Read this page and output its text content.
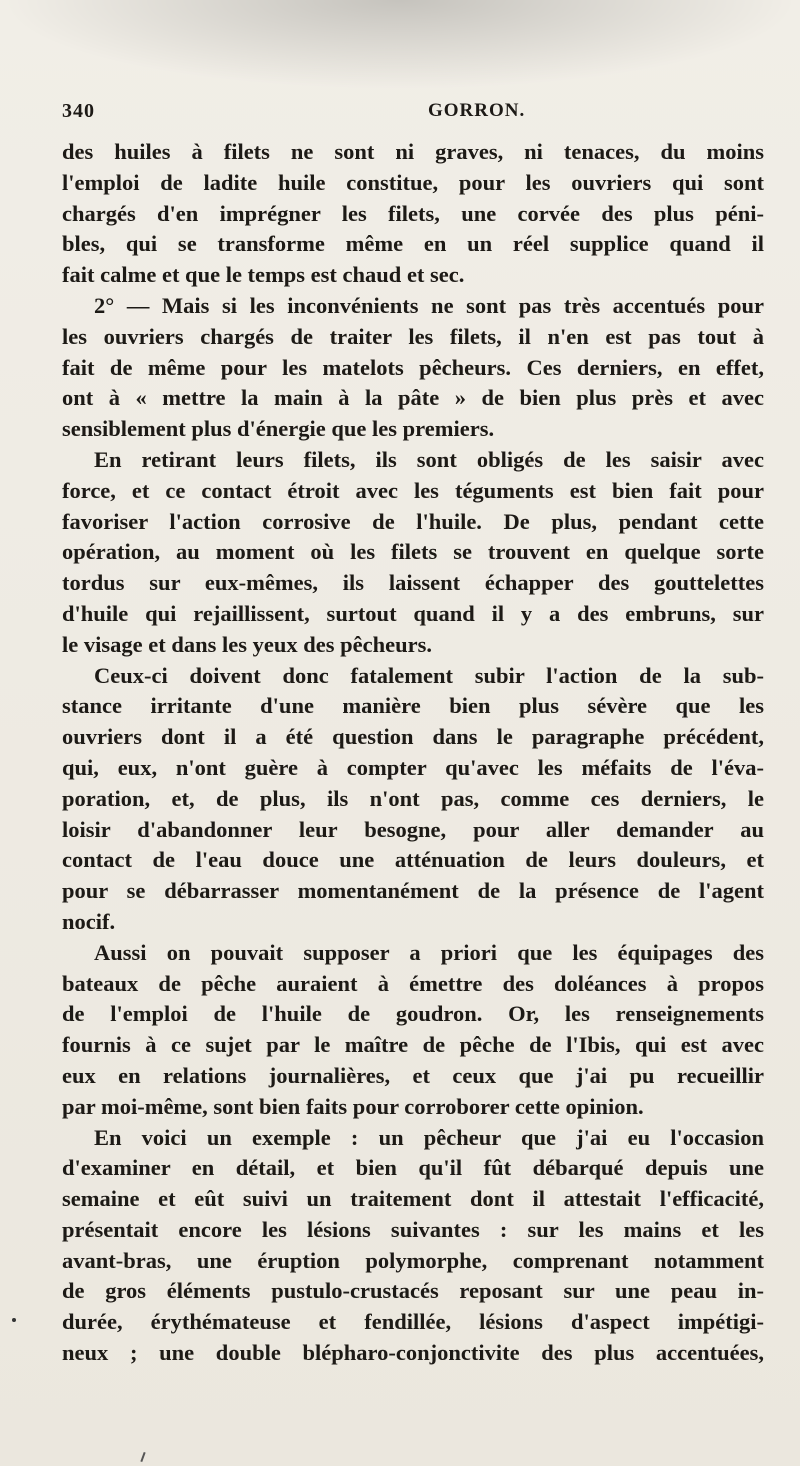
340	GORRON.
des huiles à filets ne sont ni graves, ni tenaces, du moins
l'emploi de ladite huile constitue, pour les ouvriers qui sont
chargés d'en imprégner les filets, une corvée des plus péni-
bles, qui se transforme même en un réel supplice quand il
fait calme et que le temps est chaud et sec.
2° — Mais si les inconvénients ne sont pas très accentués pour
les ouvriers chargés de traiter les filets, il n'en est pas tout à
fait de même pour les matelots pêcheurs. Ces derniers, en effet,
ont à « mettre la main à la pâte » de bien plus près et avec
sensiblement plus d'énergie que les premiers.
En retirant leurs filets, ils sont obligés de les saisir avec
force, et ce contact étroit avec les téguments est bien fait pour
favoriser l'action corrosive de l'huile. De plus, pendant cette
opération, au moment où les filets se trouvent en quelque sorte
tordus sur eux-mêmes, ils laissent échapper des gouttelettes
d'huile qui rejaillissent, surtout quand il y a des embruns, sur
le visage et dans les yeux des pêcheurs.
Ceux-ci doivent donc fatalement subir l'action de la sub-
stance irritante d'une manière bien plus sévère que les
ouvriers dont il a été question dans le paragraphe précédent,
qui, eux, n'ont guère à compter qu'avec les méfaits de l'éva-
poration, et, de plus, ils n'ont pas, comme ces derniers, le
loisir d'abandonner leur besogne, pour aller demander au
contact de l'eau douce une atténuation de leurs douleurs, et
pour se débarrasser momentanément de la présence de l'agent
nocif.
Aussi on pouvait supposer a priori que les équipages des
bateaux de pêche auraient à émettre des doléances à propos
de l'emploi de l'huile de goudron. Or, les renseignements
fournis à ce sujet par le maître de pêche de l'Ibis, qui est avec
eux en relations journalières, et ceux que j'ai pu recueillir
par moi-même, sont bien faits pour corroborer cette opinion.
En voici un exemple : un pêcheur que j'ai eu l'occasion
d'examiner en détail, et bien qu'il fût débarqué depuis une
semaine et eût suivi un traitement dont il attestait l'efficacité,
présentait encore les lésions suivantes : sur les mains et les
avant-bras, une éruption polymorphe, comprenant notamment
de gros éléments pustulo-crustacés reposant sur une peau in-
durée, érythémateuse et fendillée, lésions d'aspect impétigi-
neux ; une double blépharo-conjonctivite des plus accentuées,
